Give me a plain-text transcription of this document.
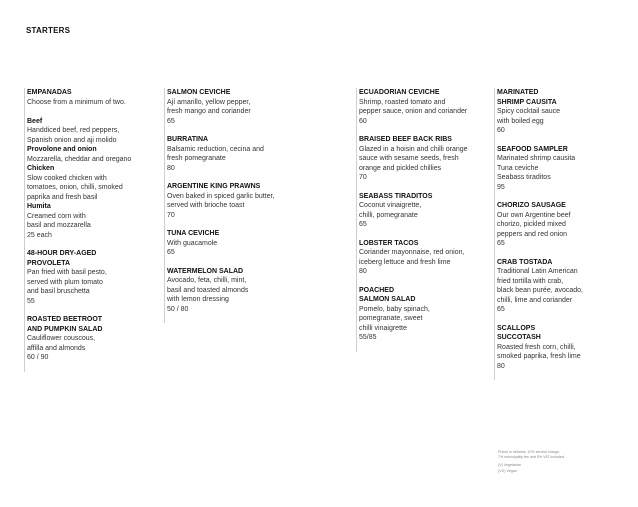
STARTERS
EMPANADAS
Choose from a minimum of two.
Beef
Handdiced beef, red peppers,
Spanish onion and aji molido
Provolone and onion
Mozzarella, cheddar and oregano
Chicken
Slow cooked chicken with
tomatoes, onion, chilli, smoked
paprika and fresh basil
Humita
Creamed corn with
basil and mozzarella
25 each
48-HOUR DRY-AGED
PROVOLETA
Pan fried with basil pesto,
served with plum tomato
and basil bruschetta
55
ROASTED BEETROOT
AND PUMPKIN SALAD
Cauliflower couscous,
affilla and almonds
60 / 90
SALMON CEVICHE
Ají amarillo, yellow pepper,
fresh mango and coriander
65
BURRATINA
Balsamic reduction, cecina and
fresh pomegranate
80
ARGENTINE KING PRAWNS
Oven baked in spiced garlic butter,
served with brioche toast
70
TUNA CEVICHE
With guacamole
65
WATERMELON SALAD
Avocado, feta, chilli, mint,
basil and toasted almonds
with lemon dressing
50 / 80
ECUADORIAN CEVICHE
Shrimp, roasted tomato and
pepper sauce, onion and coriander
60
BRAISED BEEF BACK RIBS
Glazed in a hoisin and chilli orange
sauce with sesame seeds, fresh
orange and pickled chillies
70
SEABASS TIRADITOS
Coconut vinaigrette,
chilli, pomegranate
65
LOBSTER TACOS
Coriander mayonnaise, red onion,
iceberg lettuce and fresh lime
80
POACHED
SALMON SALAD
Pomelo, baby spinach,
pomegranate, sweet
chilli vinaigrette
55/85
MARINATED
SHRIMP CAUSITA
Spicy cocktail sauce
with boiled egg
60
SEAFOOD SAMPLER
Marinated shrimp causita
Tuna ceviche
Seabass tiraditos
95
CHORIZO SAUSAGE
Our own Argentine beef
chorizo, pickled mixed
peppers and red onion
65
CRAB TOSTADA
Traditional Latin American
fried tortilla with crab,
black bean purée, avocado,
chilli, lime and coriander
65
SCALLOPS
SUCCOTASH
Roasted fresh corn, chilli,
smoked paprika, fresh lime
80
Prices in dirhams. 10% service charge,
7% municipality fee and 5% VAT included.
(V) Vegetarian
(VG) Vegan
